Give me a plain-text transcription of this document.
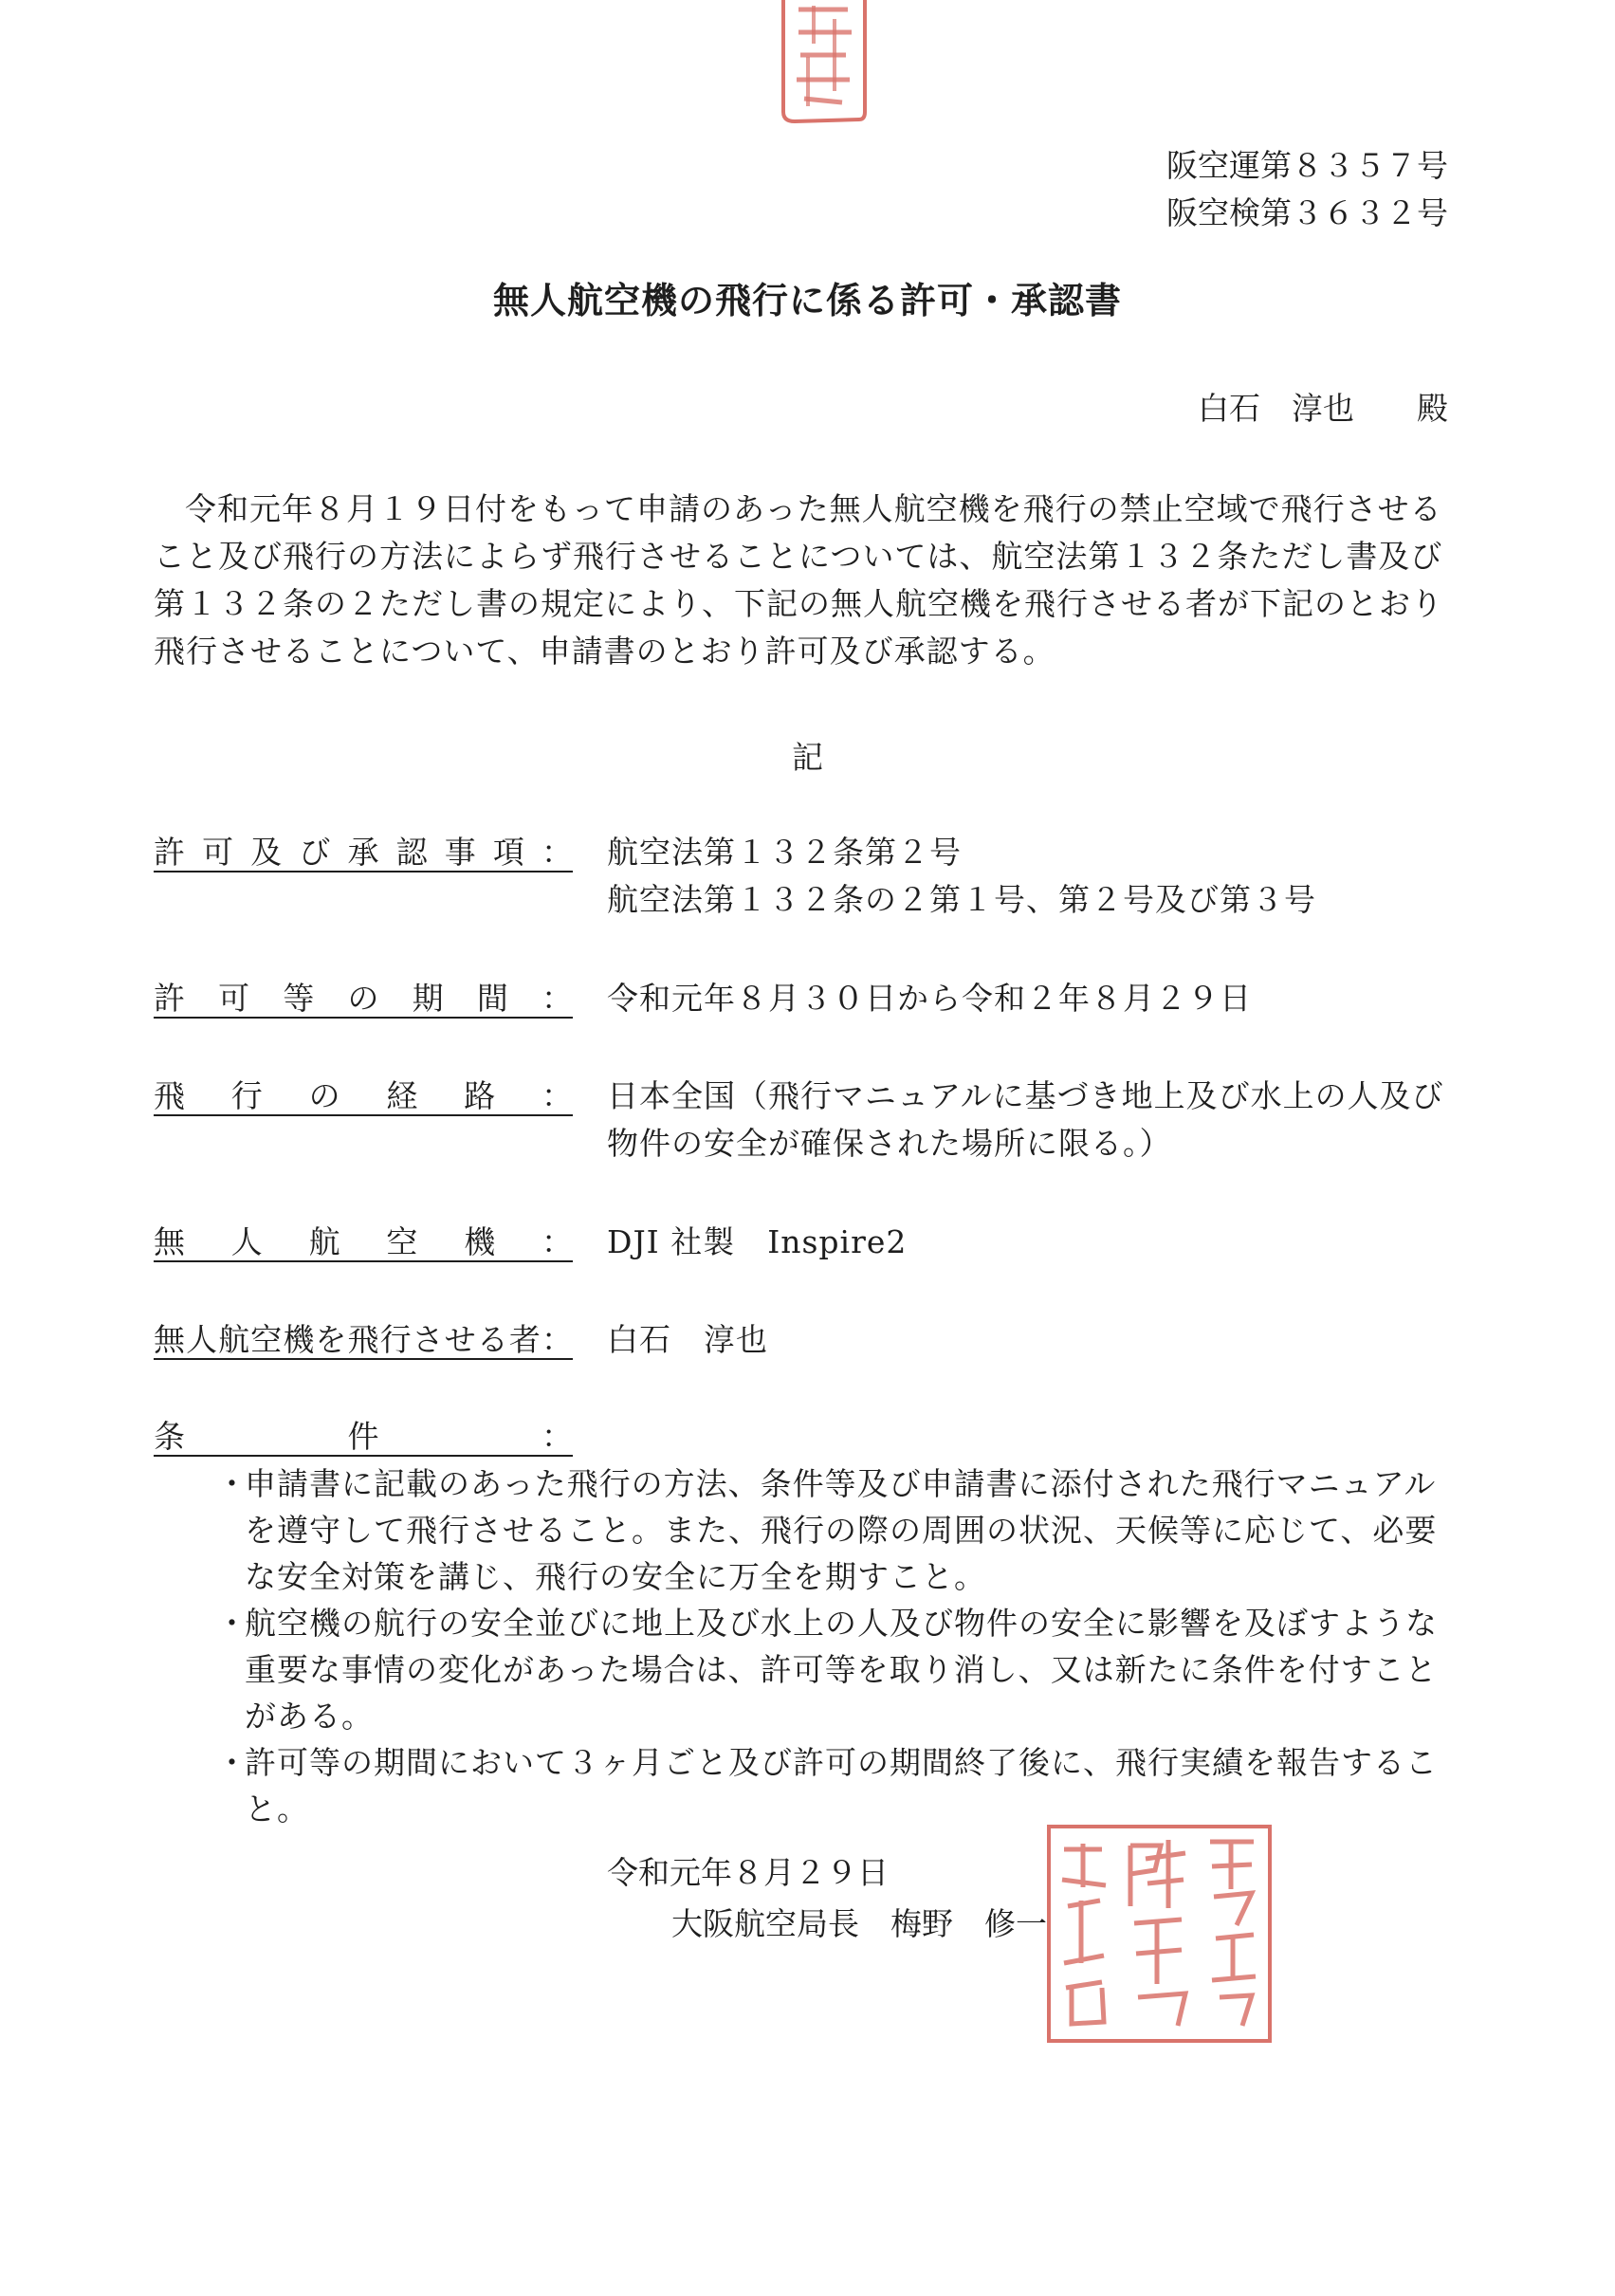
阪空運第８３５７号
阪空検第３６３２号
無人航空機の飛行に係る許可・承認書
白石　淳也　　殿
令和元年８月１９日付をもって申請のあった無人航空機を飛行の禁止空域で飛行させること及び飛行の方法によらず飛行させることについては、航空法第１３２条ただし書及び第１３２条の２ただし書の規定により、下記の無人航空機を飛行させる者が下記のとおり飛行させることについて、申請書のとおり許可及び承認する。
記
許可及び承認事項： 航空法第１３２条第２号
航空法第１３２条の２第１号、第２号及び第３号
許可等の期間： 令和元年８月３０日から令和２年８月２９日
飛行の経路： 日本全国（飛行マニュアルに基づき地上及び水上の人及び
物件の安全が確保された場所に限る。）
無人航空機： DJI 社製　Inspire2
無人航空機を飛行させる者： 白石　淳也
条件：
・
申請書に記載のあった飛行の方法、条件等及び申請書に添付された飛行マニュアルを遵守して飛行させること。また、飛行の際の周囲の状況、天候等に応じて、必要な安全対策を講じ、飛行の安全に万全を期すこと。
・
航空機の航行の安全並びに地上及び水上の人及び物件の安全に影響を及ぼすような重要な事情の変化があった場合は、許可等を取り消し、又は新たに条件を付すことがある。
・
許可等の期間において３ヶ月ごと及び許可の期間終了後に、飛行実績を報告すること。
令和元年８月２９日
大阪航空局長　梅野　修一
